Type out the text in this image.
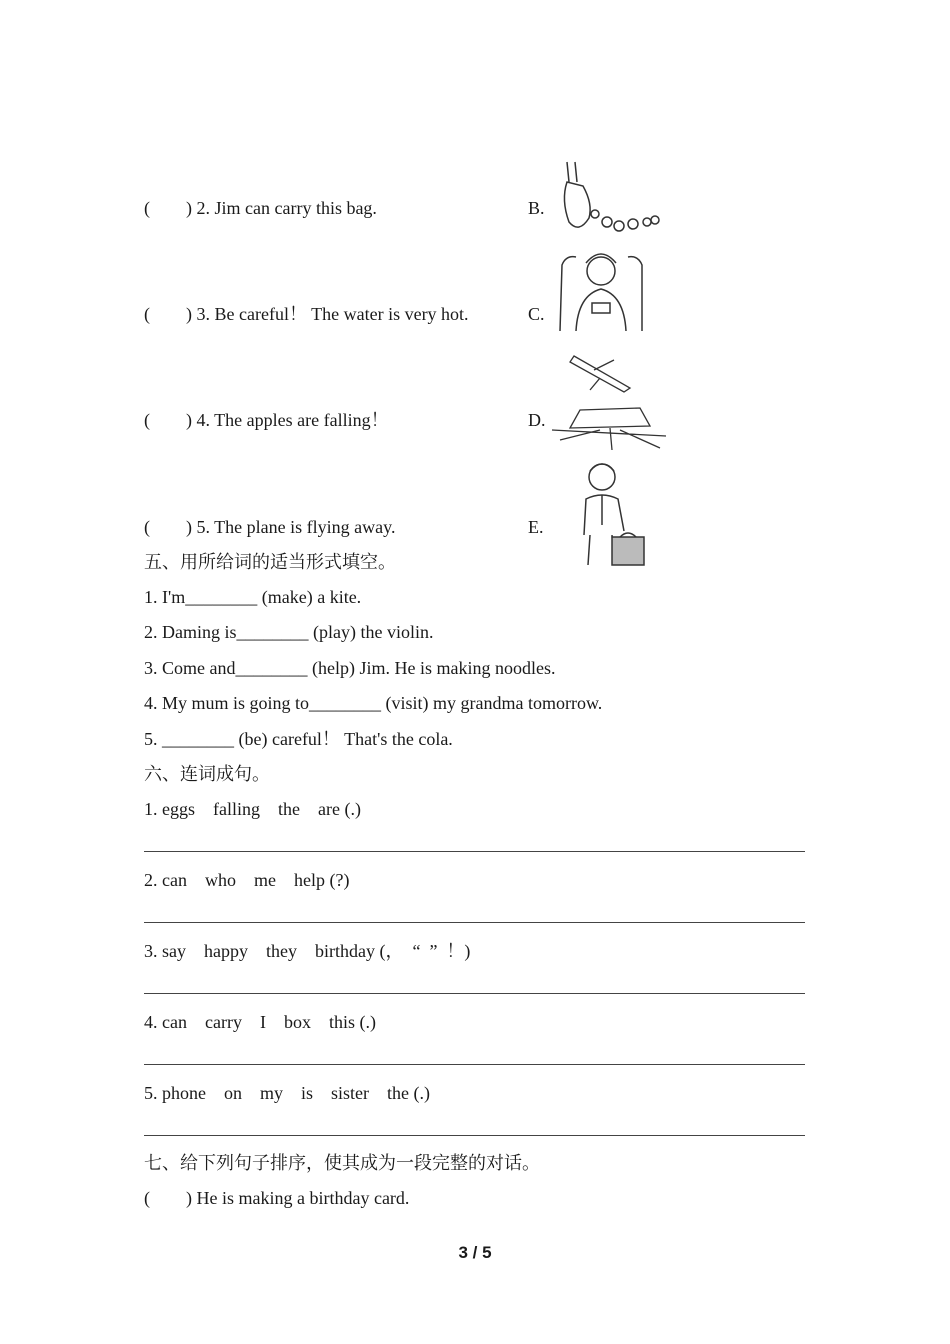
(        ) 2. Jim can carry this bag.	B.
(        ) 3. Be careful！ The water is very hot.	C.
(        ) 4. The apples are falling！	D.
(        ) 5. The plane is flying away.	E.
五、用所给词的适当形式填空。
1. I'm________ (make) a kite.
2. Daming is________ (play) the violin.
3. Come and________ (help) Jim. He is making noodles.
4. My mum is going to________ (visit) my grandma tomorrow.
5. ________ (be) careful！ That's the cola.
六、连词成句。
1. eggs    falling    the    are (.)
2. can    who    me    help (?)
3. say    happy    they    birthday (，  “  ”  ！)
4. can    carry    I    box    this (.)
5. phone    on    my    is    sister    the (.)
七、给下列句子排序，使其成为一段完整的对话。
(        ) He is making a birthday card.
3 / 5
